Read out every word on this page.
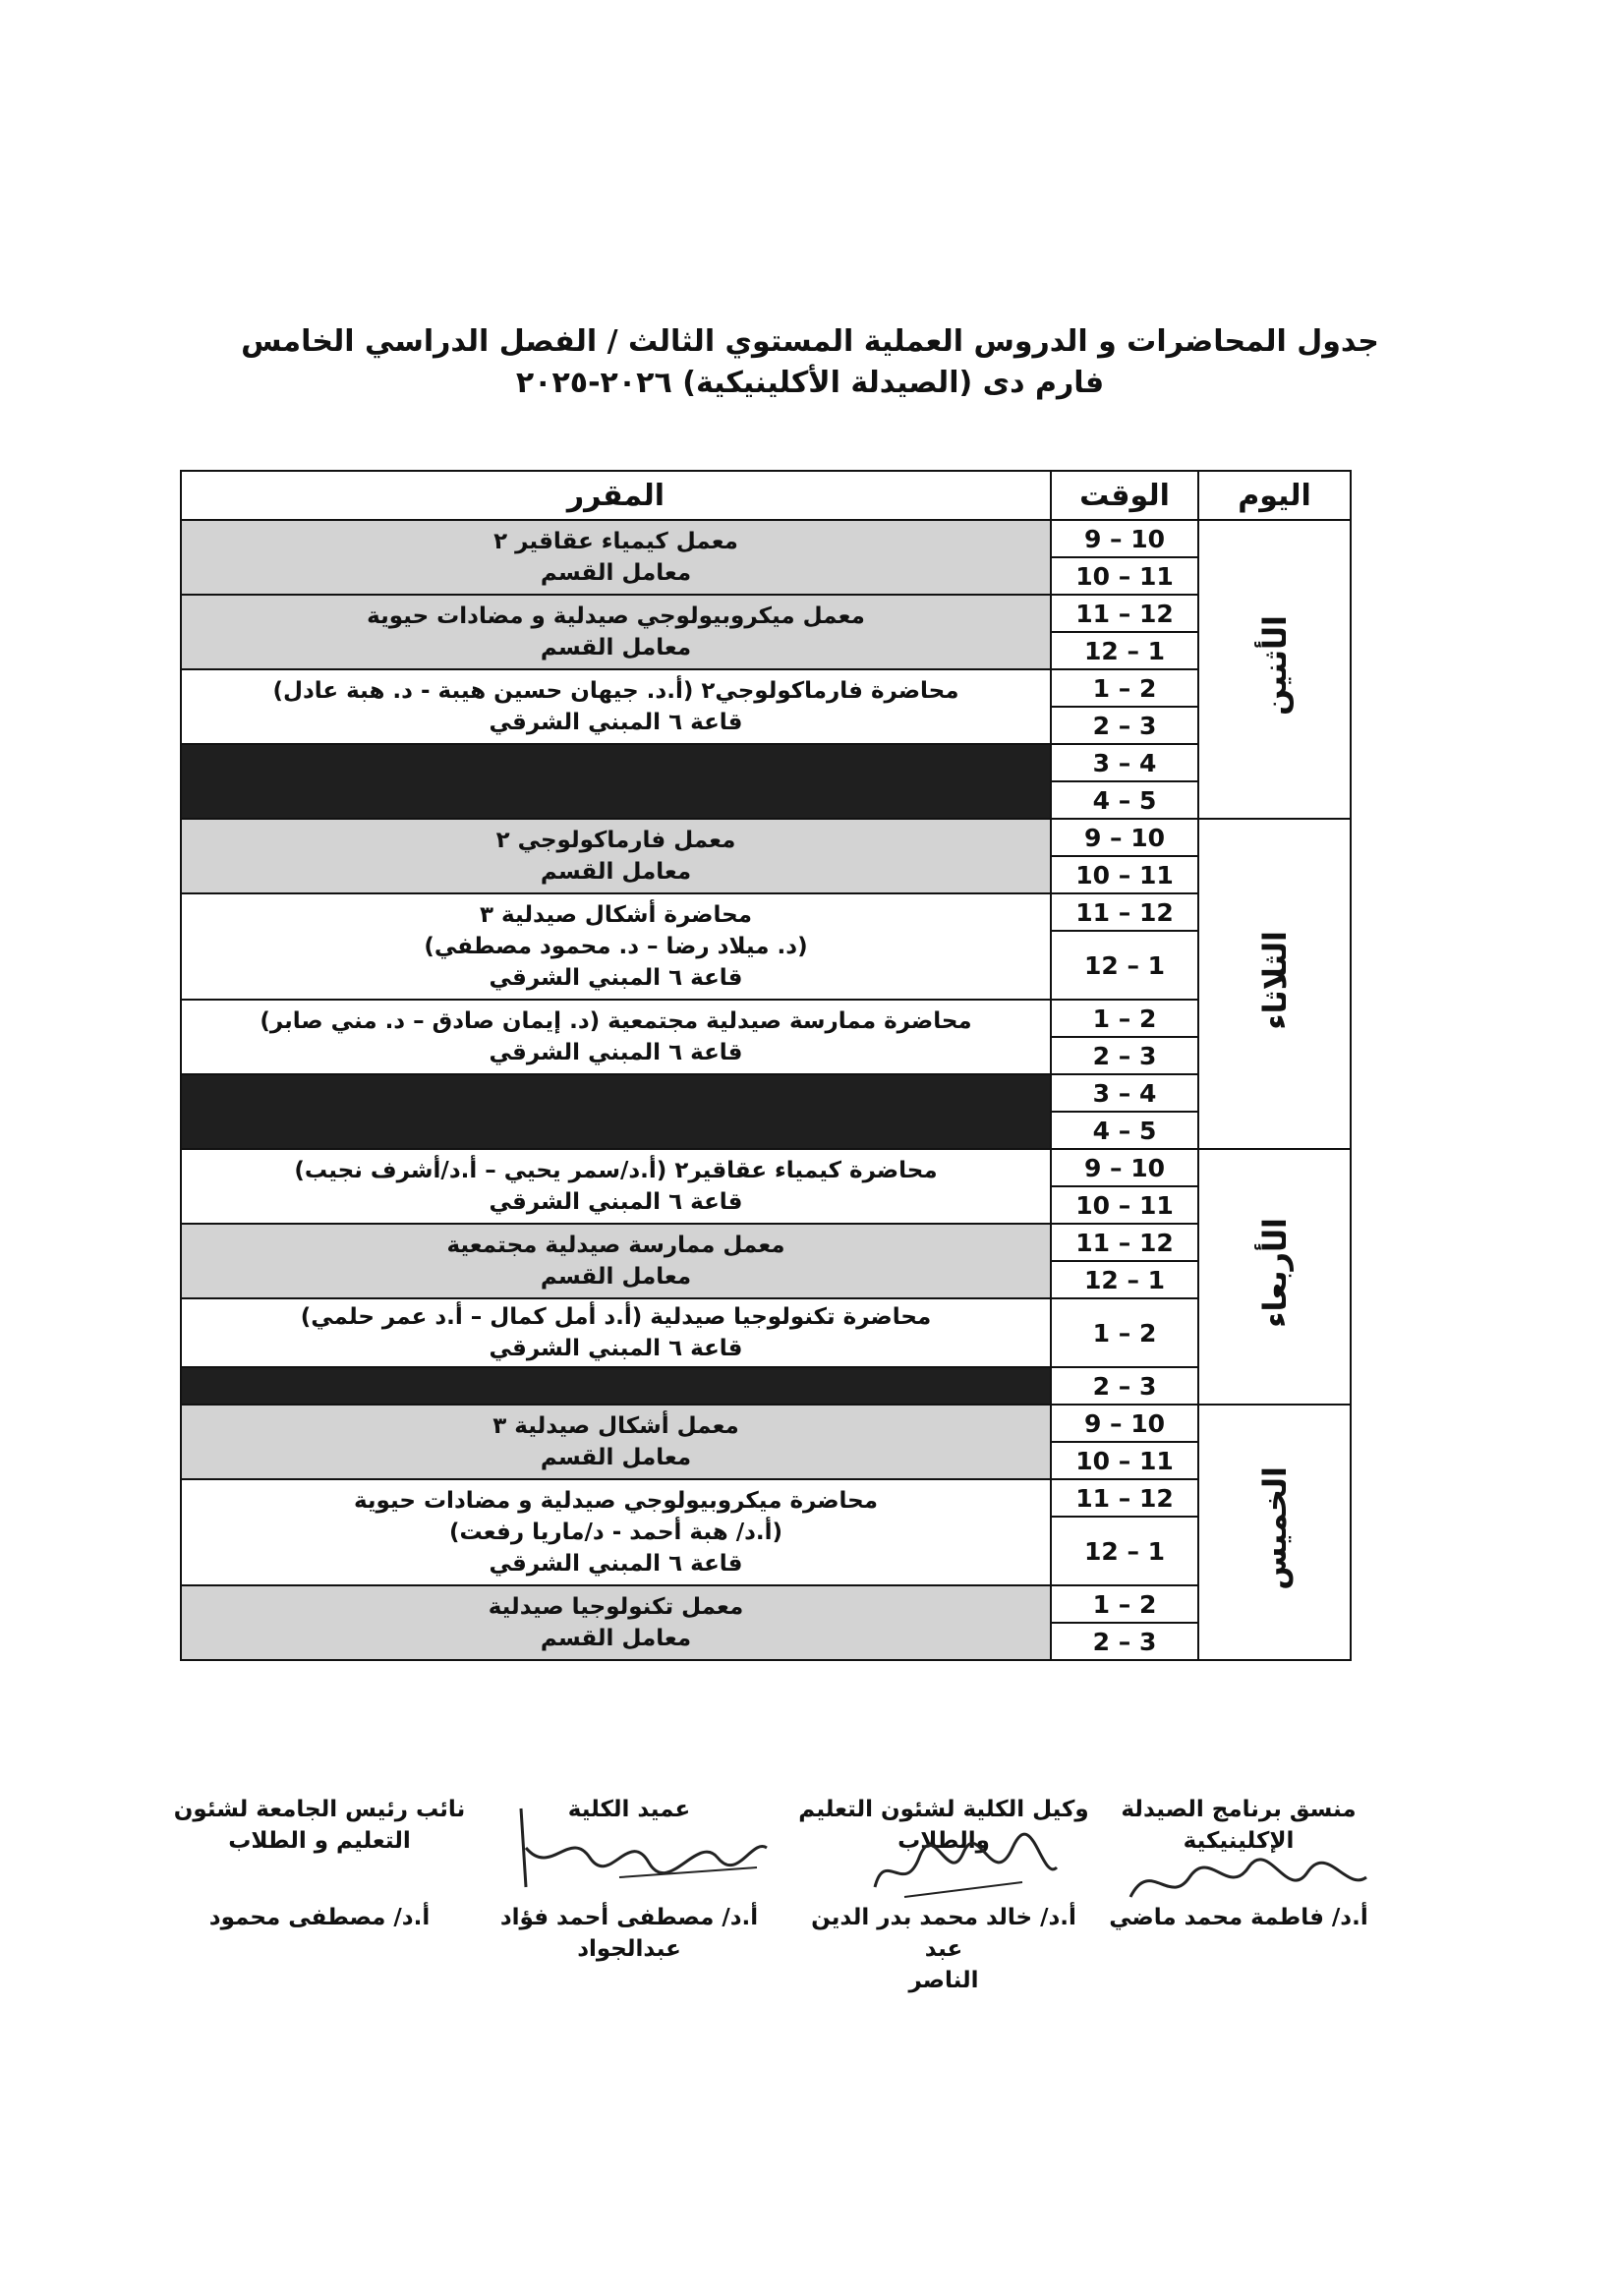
جدول المحاضرات و الدروس العملية المستوي الثالث / الفصل الدراسي الخامس
فارم دى (الصيدلة الأكلينيكية) ٢٠٢٦-٢٠٢٥
اليوم	الوقت	المقرر
الأثنين	9 – 10	معمل كيمياء عقاقير ٢
معامل القسم

	10 – 11	
	11 – 12	معمل ميكروبيولوجي صيدلية و مضادات حيوية
معامل القسم

	12 – 1	
	1 – 2	محاضرة فارماكولوجي٢ (أ.د. جيهان حسين هيبة - د. هبة عادل)
قاعة ٦ المبني الشرقي

	2 – 3	
	3 – 4	
	4 – 5	
الثلاثاء	9 – 10	معمل فارماكولوجي ٢
معامل القسم

	10 – 11	
	11 – 12	محاضرة أشكال صيدلية ٣
(د. ميلاد رضا – د. محمود مصطفي)
قاعة ٦ المبني الشرقي

	12 – 1	
	1 – 2	محاضرة ممارسة صيدلية مجتمعية (د. إيمان صادق – د. مني صابر)
قاعة ٦ المبني الشرقي

	2 – 3	
	3 – 4	
	4 – 5	
الأربعاء	9 – 10	محاضرة كيمياء عقاقير٢ (أ.د/سمر يحيي – أ.د/أشرف نجيب)
قاعة ٦ المبني الشرقي

	10 – 11	
	11 – 12	معمل ممارسة صيدلية مجتمعية
معامل القسم

	12 – 1	
	1 – 2	محاضرة تكنولوجيا صيدلية (أ.د أمل كمال – أ.د عمر حلمي)
قاعة ٦ المبني الشرقي

	2 – 3	
الخميس	9 – 10	معمل أشكال صيدلية ٣
معامل القسم

	10 – 11	
	11 – 12	محاضرة ميكروبيولوجي صيدلية و مضادات حيوية
(أ.د/ هبة أحمد - د/ماريا رفعت)
قاعة ٦ المبني الشرقي

	12 – 1	
	1 – 2	معمل تكنولوجيا صيدلية
معامل القسم

	2 – 3	
منسق برنامج الصيدلة
الإكلينيكية
أ.د/ فاطمة محمد ماضي
وكيل الكلية لشئون التعليم
والطلاب
أ.د/ خالد محمد بدر الدين عبد
الناصر
عميد الكلية
أ.د/ مصطفى أحمد فؤاد
عبدالجواد
نائب رئيس الجامعة لشئون
التعليم و الطلاب
أ.د/ مصطفى محمود
